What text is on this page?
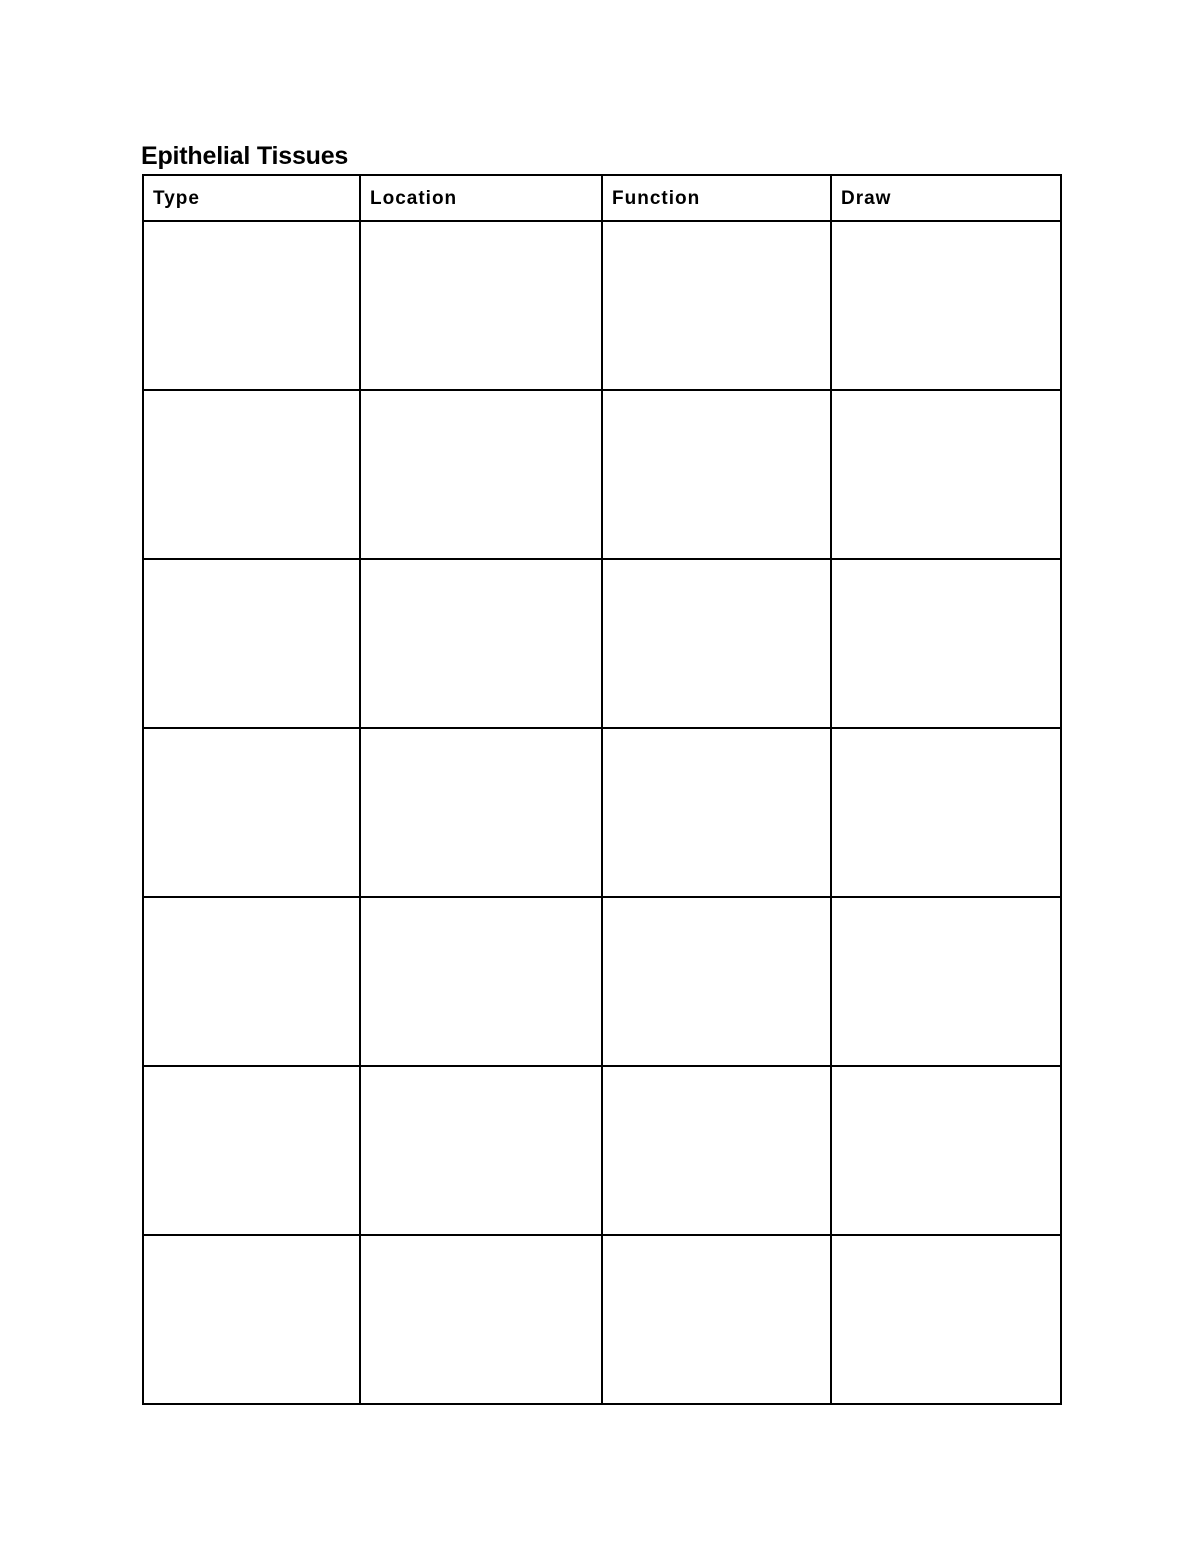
Epithelial Tissues
Type	Location	Function	Draw
